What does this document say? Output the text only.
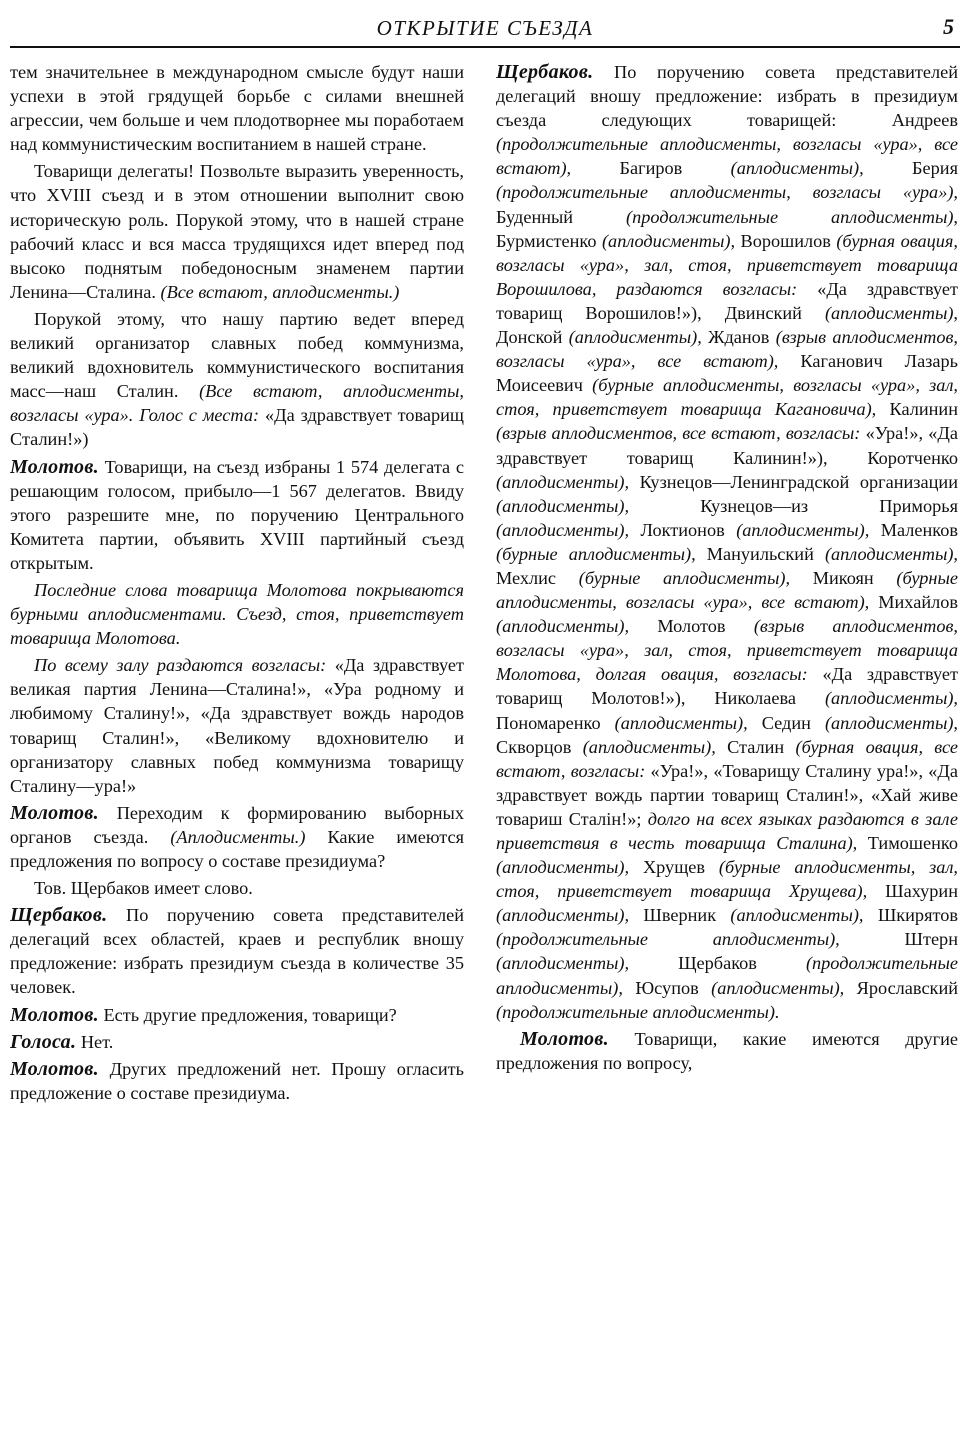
ОТКРЫТИЕ СЪЕЗДА	5

тем значительнее в международном смысле будут наши успехи в этой грядущей борьбе с силами внешней агрессии, чем больше и чем плодотворнее мы поработаем над коммунистическим воспитанием в нашей стране.

Товарищи делегаты! Позвольте выразить уверенность, что XVIII съезд и в этом отношении выполнит свою историческую роль. Порукой этому, что в нашей стране рабочий класс и вся масса трудящихся идет вперед под высоко поднятым победоносным знаменем партии Ленина—Сталина. (Все встают, аплодисменты.)

Порукой этому, что нашу партию ведет вперед великий организатор славных побед коммунизма, великий вдохновитель коммунистического воспитания масс—наш Сталин. (Все встают, аплодисменты, возгласы «ура». Голос с места: «Да здравствует товарищ Сталин!»)

Молотов. Товарищи, на съезд избраны 1 574 делегата с решающим голосом, прибыло—1 567 делегатов. Ввиду этого разрешите мне, по поручению Центрального Комитета партии, объявить XVIII партийный съезд открытым.

Последние слова товарища Молотова покрываются бурными аплодисментами. Съезд, стоя, приветствует товарища Молотова.

По всему залу раздаются возгласы: «Да здравствует великая партия Ленина—Сталина!», «Ура родному и любимому Сталину!», «Да здравствует вождь народов товарищ Сталин!», «Великому вдохновителю и организатору славных побед коммунизма товарищу Сталину—ура!»

Молотов. Переходим к формированию выборных органов съезда. (Аплодисменты.) Какие имеются предложения по вопросу о составе президиума?

Тов. Щербаков имеет слово.

Щербаков. По поручению совета представителей делегаций всех областей, краев и республик вношу предложение: избрать президиум съезда в количестве 35 человек.

Молотов. Есть другие предложения, товарищи?

Голоса. Нет.

Молотов. Других предложений нет. Прошу огласить предложение о составе президиума.

Щербаков. По поручению совета представителей делегаций вношу предложение: избрать в президиум съезда следующих товарищей:	Андреев (продолжительные аплодисменты, возгласы «ура», все встают),	Багиров	(аплодисменты),	Берия (продолжительные аплодисменты, возгласы «ура»), Буденный	(продолжительные аплодисменты), Бурмистенко (аплодисменты), Ворошилов (бурная овация, возгласы «ура», зал, стоя, приветствует товарища Ворошилова, раздаются возгласы: «Да здравствует товарищ Ворошилов!»), Двинский (аплодисменты), Донской (аплодисменты), Жданов (взрыв аплодисментов, возгласы «ура», все встают), Каганович Лазарь Моисеевич (бурные аплодисменты, возгласы «ура», зал, стоя, приветствует товарища Кагановича), Калинин (взрыв аплодисментов, все встают, возгласы: «Ура!», «Да здравствует товарищ Калинин!»), Коротченко (аплодисменты), Кузнецов—Ленинградской организации (аплодисменты),	Кузнецов—из Приморья (аплодисменты), Локтионов (аплодисменты), Маленков (бурные аплодисменты), Мануильский (аплодисменты), Мехлис (бурные аплодисменты), Микоян (бурные аплодисменты, возгласы «ура», все встают), Михайлов (аплодисменты), Молотов (взрыв аплодисментов, возгласы «ура», зал, стоя, приветствует товарища Молотова, долгая овация, возгласы: «Да здравствует товарищ Молотов!»), Николаева (аплодисменты), Пономаренко (аплодисменты), Седин (аплодисменты), Скворцов (аплодисменты), Сталин (бурная овация, все встают, возгласы: «Ура!», «Товарищу Сталину ура!», «Да здравствует вождь партии товарищ Сталин!», «Хай живе товариш Сталін!»; долго на всех языках раздаются в зале приветствия в честь товарища Сталина), Тимошенко (аплодисменты), Хрущев (бурные аплодисменты, зал, стоя, приветствует товарища Хрущева), Шахурин (аплодисменты), Шверник (аплодисменты), Шкирятов (продолжительные аплодисменты),	Штерн (аплодисменты),	Щербаков	(продолжительные аплодисменты), Юсупов (аплодисменты), Ярославский (продолжительные аплодисменты).

Молотов. Товарищи, какие имеются другие предложения по вопросу,
